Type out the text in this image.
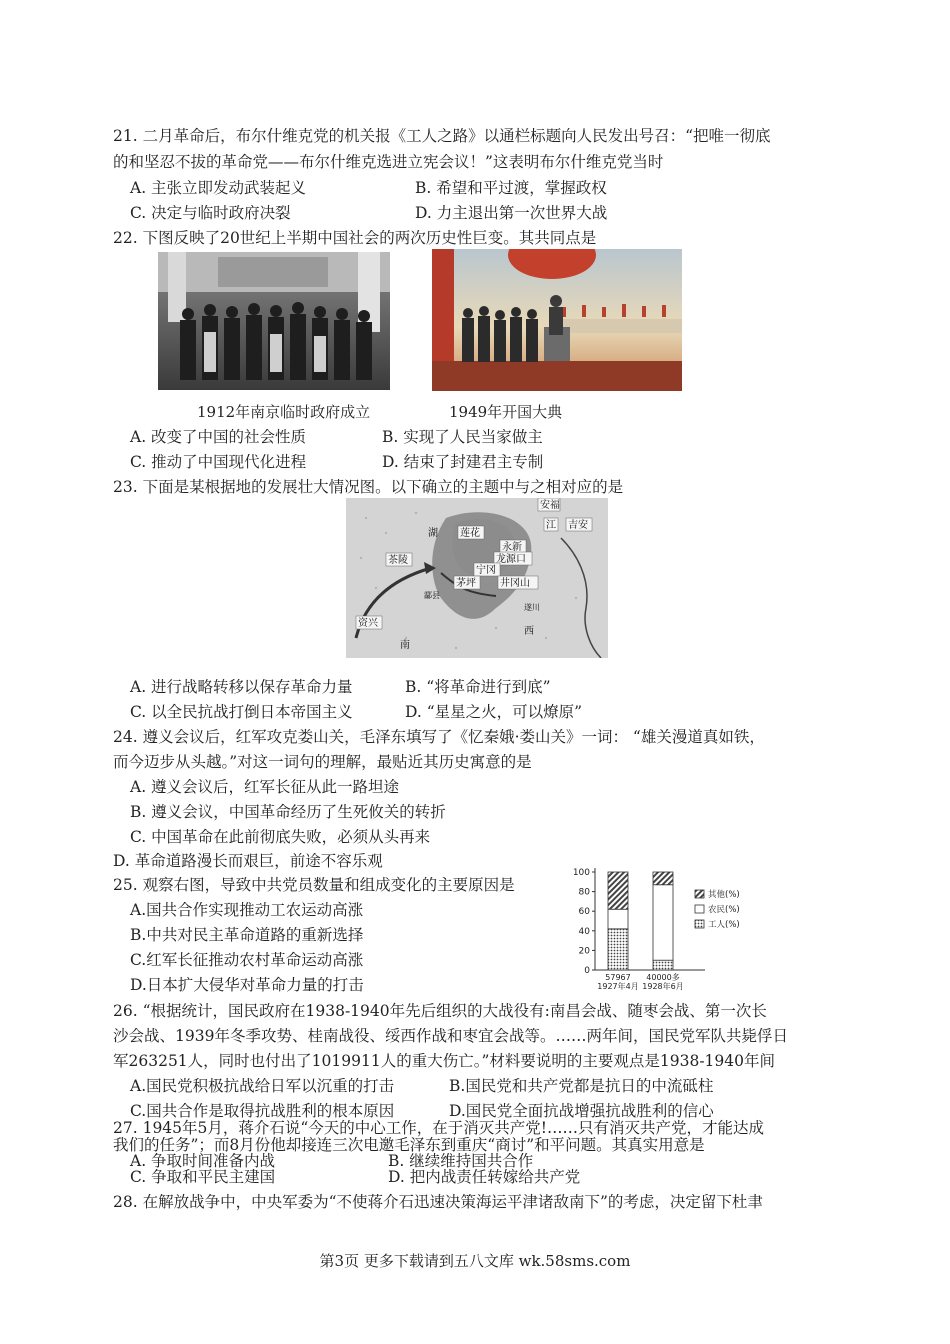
21. 二月革命后，布尔什维克党的机关报《工人之路》以通栏标题向人民发出号召：“把唯一彻底
的和坚忍不拔的革命党——布尔什维克选进立宪会议！”这表明布尔什维克党当时
A. 主张立即发动武装起义	B. 希望和平过渡，掌握政权
C. 决定与临时政府决裂	D. 力主退出第一次世界大战
22. 下图反映了20世纪上半期中国社会的两次历史性巨变。其共同点是
1912年南京临时政府成立	1949年开国大典
A. 改变了中国的社会性质	B. 实现了人民当家做主
C. 推动了中国现代化进程	D. 结束了封建君主专制
23. 下面是某根据地的发展壮大情况图。以下确立的主题中与之相对应的是
安福
江 吉安
湖 莲花
茶陵
永新
龙源口
宁冈
茅坪 井冈山
酃县
遂川
西
资兴
南
A. 进行战略转移以保存革命力量	B. “将革命进行到底”
C. 以全民抗战打倒日本帝国主义	D. “星星之火，可以燎原”
24. 遵义会议后，红军攻克娄山关，毛泽东填写了《忆秦娥·娄山关》一词： “雄关漫道真如铁，
而今迈步从头越。”对这一词句的理解，最贴近其历史寓意的是
A. 遵义会议后，红军长征从此一路坦途
B. 遵义会议，中国革命经历了生死攸关的转折
C. 中国革命在此前彻底失败，必须从头再来
D. 革命道路漫长而艰巨，前途不容乐观
25. 观察右图，导致中共党员数量和组成变化的主要原因是
A.国共合作实现推动工农运动高涨
B.中共对民主革命道路的重新选择
C.红军长征推动农村革命运动高涨
D.日本扩大侵华对革命力量的打击
0
20
40
60
80
100
57967
1927年4月
40000多
1928年6月
其他(%)
农民(%)
工人(%)
26. “根据统计，国民政府在1938-1940年先后组织的大战役有:南昌会战、随枣会战、第一次长
沙会战、1939年冬季攻势、桂南战役、绥西作战和枣宜会战等。……两年间，国民党军队共毙俘日
军263251人，同时也付出了1019911人的重大伤亡。”材料要说明的主要观点是1938-1940年间
A.国民党积极抗战给日军以沉重的打击	B.国民党和共产党都是抗日的中流砥柱
C.国共合作是取得抗战胜利的根本原因	D.国民党全面抗战增强抗战胜利的信心
27. 1945年5月，蒋介石说“今天的中心工作，在于消灭共产党!……只有消灭共产党，才能达成
我们的任务”；而8月份他却接连三次电邀毛泽东到重庆“商讨”和平问题。其真实用意是
A. 争取时间准备内战	B. 继续维持国共合作
C. 争取和平民主建国	D. 把内战责任转嫁给共产党
28. 在解放战争中，中央军委为“不使蒋介石迅速决策海运平津诸敌南下”的考虑，决定留下杜聿
第3页 更多下载请到五八文库 wk.58sms.com
